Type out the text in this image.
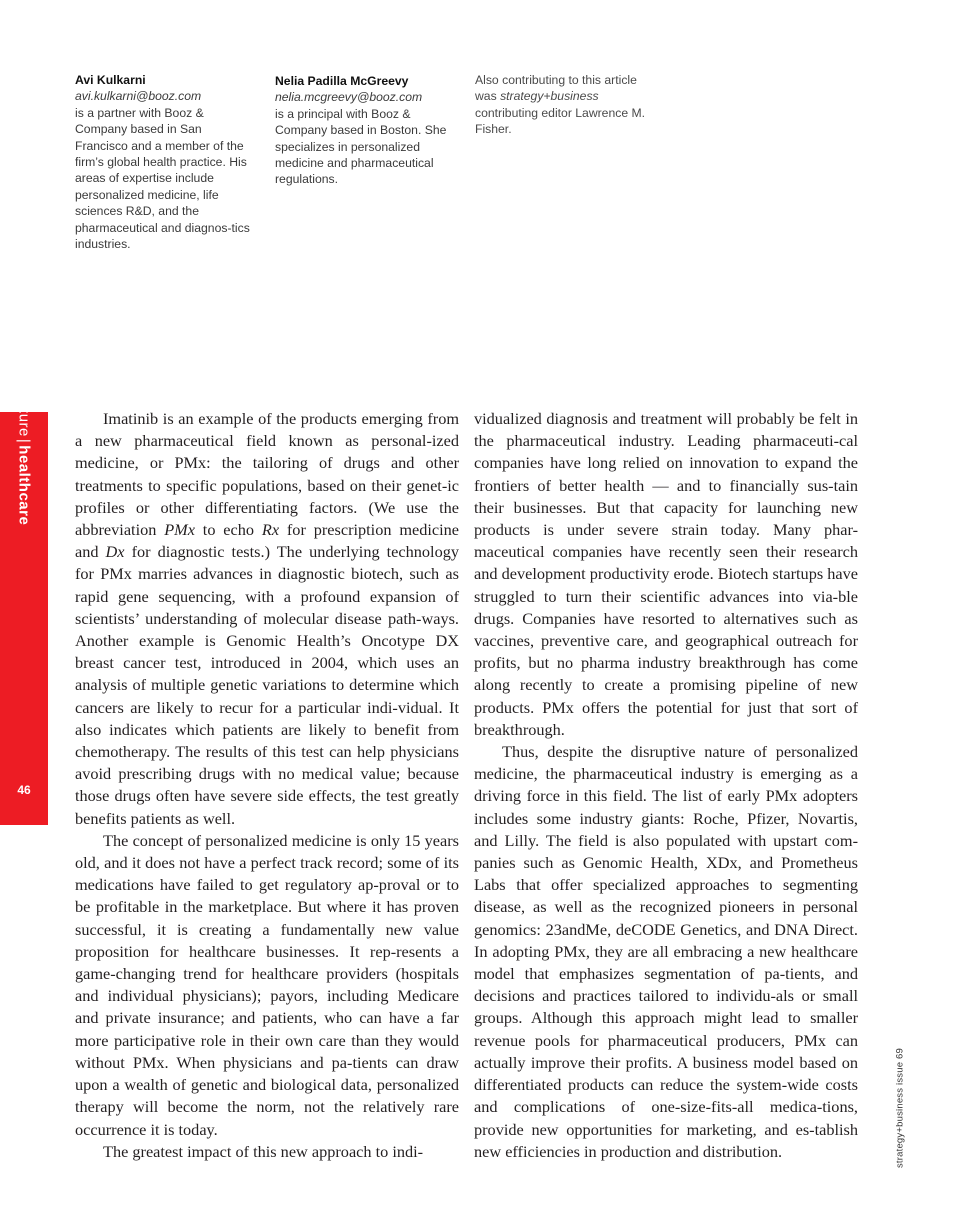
Avi Kulkarni
avi.kulkarni@booz.com
is a partner with Booz & Company based in San Francisco and a member of the firm’s global health practice. His areas of expertise include personalized medicine, life sciences R&D, and the pharmaceutical and diagnos-tics industries.
Nelia Padilla McGreevy
nelia.mcgreevy@booz.com
is a principal with Booz & Company based in Boston. She specializes in personalized medicine and pharmaceutical regulations.
Also contributing to this article was strategy+business contributing editor Lawrence M. Fisher.
feature|healthcare
46

Imatinib is an example of the products emerging from a new pharmaceutical field known as personal-ized medicine, or PMx: the tailoring of drugs and other treatments to specific populations, based on their genet-ic profiles or other differentiating factors. (We use the abbreviation PMx to echo Rx for prescription medicine and Dx for diagnostic tests.) The underlying technology for PMx marries advances in diagnostic biotech, such as rapid gene sequencing, with a profound expansion of scientists’ understanding of molecular disease path-ways. Another example is Genomic Health’s Oncotype DX breast cancer test, introduced in 2004, which uses an analysis of multiple genetic variations to determine which cancers are likely to recur for a particular indi-vidual. It also indicates which patients are likely to benefit from chemotherapy. The results of this test can help physicians avoid prescribing drugs with no medical value; because those drugs often have severe side effects, the test greatly benefits patients as well.

The concept of personalized medicine is only 15 years old, and it does not have a perfect track record; some of its medications have failed to get regulatory ap-proval or to be profitable in the marketplace. But where it has proven successful, it is creating a fundamentally new value proposition for healthcare businesses. It rep-resents a game-changing trend for healthcare providers (hospitals and individual physicians); payors, including Medicare and private insurance; and patients, who can have a far more participative role in their own care than they would without PMx. When physicians and pa-tients can draw upon a wealth of genetic and biological data, personalized therapy will become the norm, not the relatively rare occurrence it is today.

The greatest impact of this new approach to indi-

vidualized diagnosis and treatment will probably be felt in the pharmaceutical industry. Leading pharmaceuti-cal companies have long relied on innovation to expand the frontiers of better health — and to financially sus-tain their businesses. But that capacity for launching new products is under severe strain today. Many phar-maceutical companies have recently seen their research and development productivity erode. Biotech startups have struggled to turn their scientific advances into via-ble drugs. Companies have resorted to alternatives such as vaccines, preventive care, and geographical outreach for profits, but no pharma industry breakthrough has come along recently to create a promising pipeline of new products. PMx offers the potential for just that sort of breakthrough.

Thus, despite the disruptive nature of personalized medicine, the pharmaceutical industry is emerging as a driving force in this field. The list of early PMx adopters includes some industry giants: Roche, Pfizer, Novartis, and Lilly. The field is also populated with upstart com-panies such as Genomic Health, XDx, and Prometheus Labs that offer specialized approaches to segmenting disease, as well as the recognized pioneers in personal genomics: 23andMe, deCODE Genetics, and DNA Direct. In adopting PMx, they are all embracing a new healthcare model that emphasizes segmentation of pa-tients, and decisions and practices tailored to individu-als or small groups. Although this approach might lead to smaller revenue pools for pharmaceutical producers, PMx can actually improve their profits. A business model based on differentiated products can reduce the system-wide costs and complications of one-size-fits-all medica-tions, provide new opportunities for marketing, and es-tablish new efficiencies in production and distribution.	strategy+business issue 69
